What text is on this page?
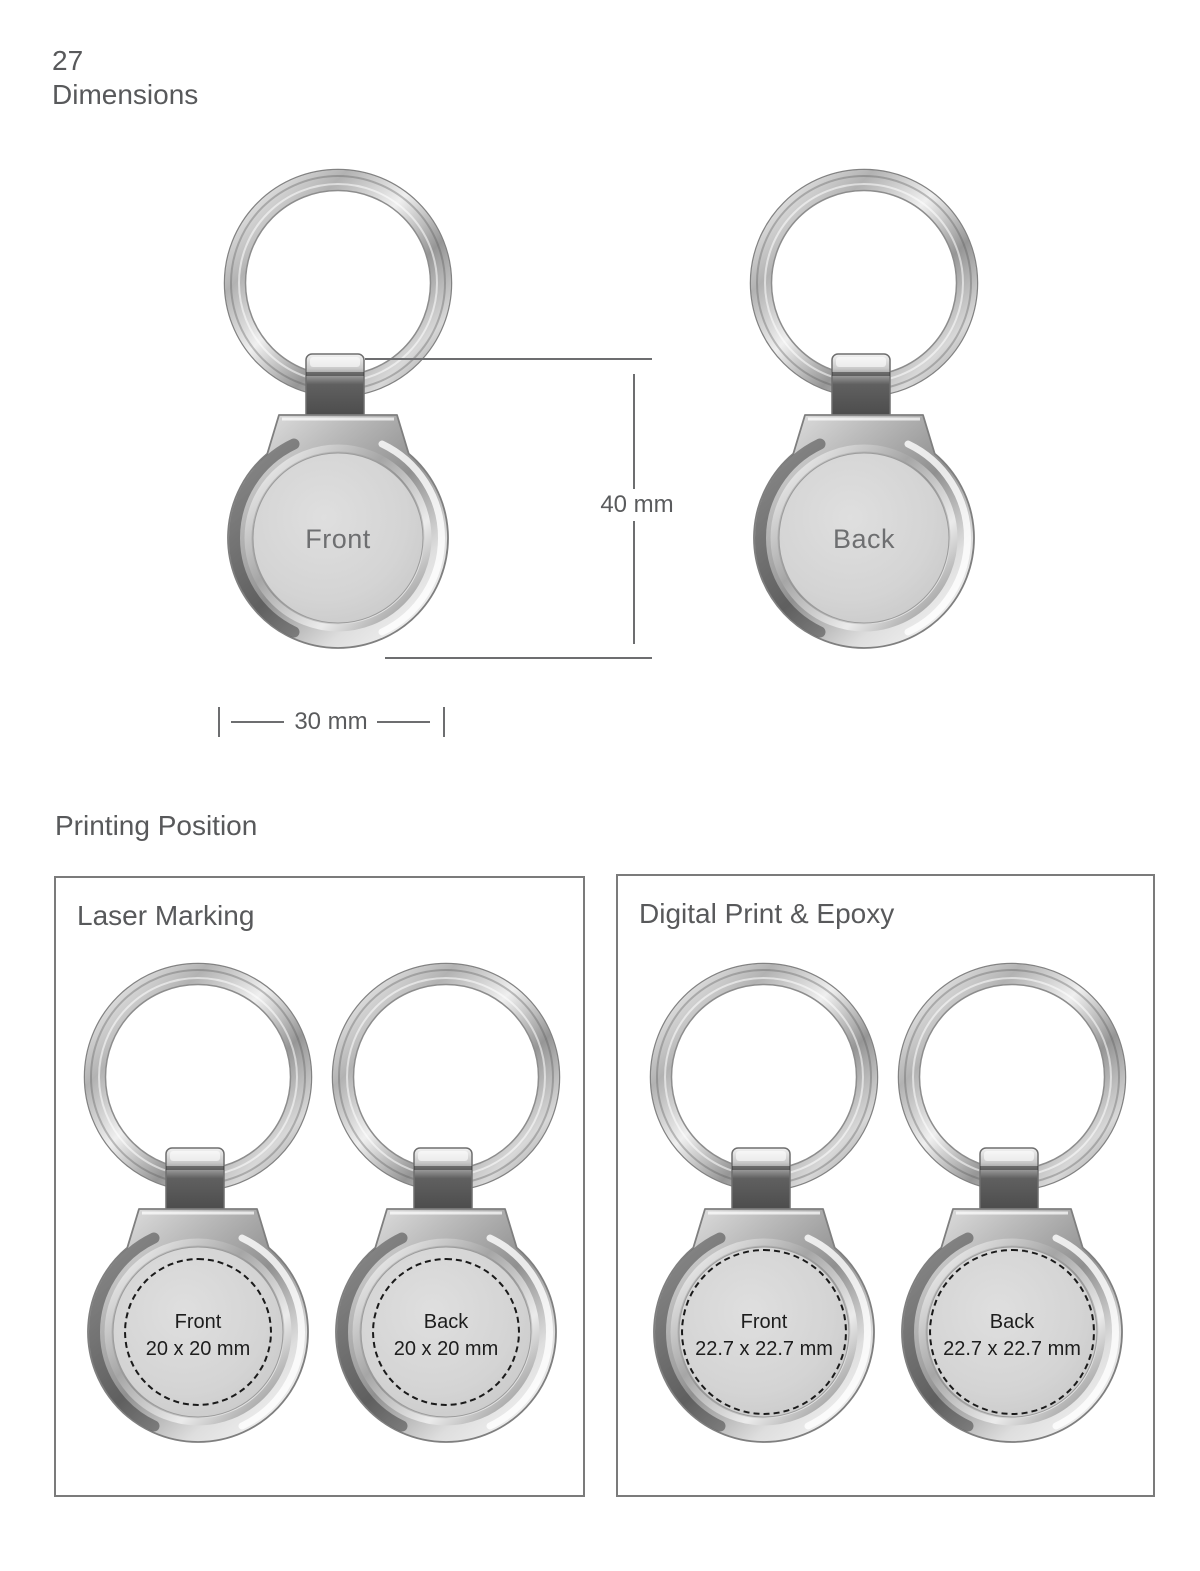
27
Dimensions
Front	Back
40 mm
30 mm
Printing Position
Laser Marking
Front
20 x 20 mm
Back
20 x 20 mm
Digital Print & Epoxy
Front
22.7 x 22.7 mm
Back
22.7 x 22.7 mm
